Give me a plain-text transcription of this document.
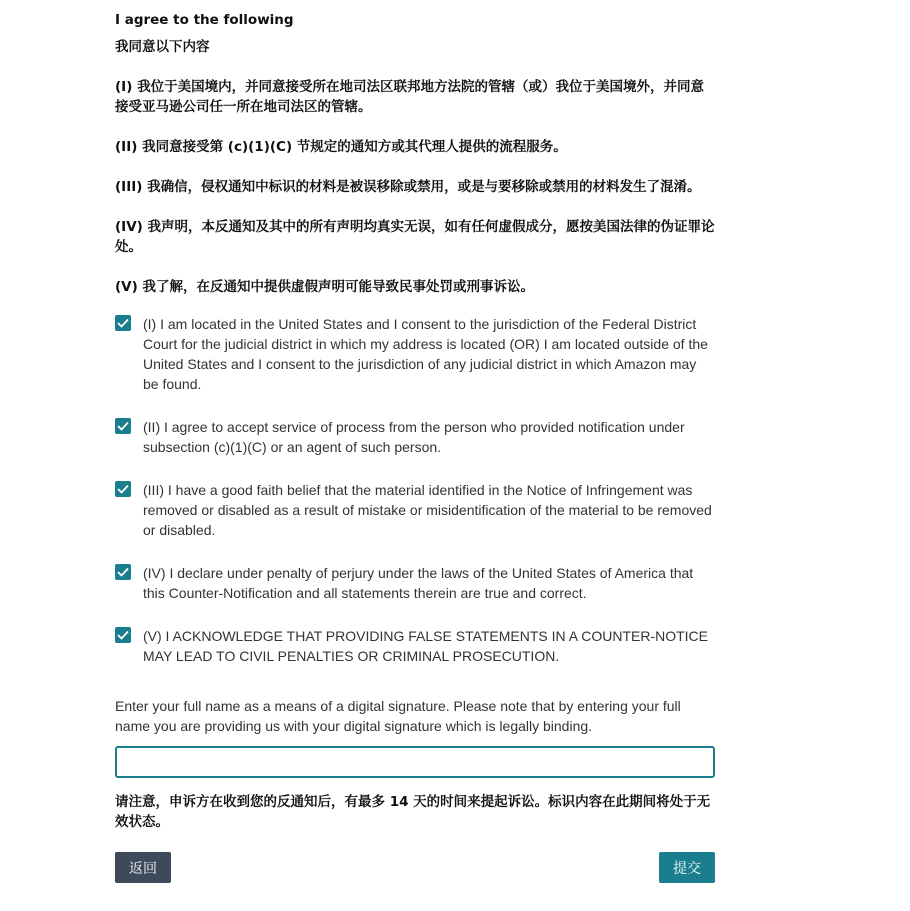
I agree to the following

我同意以下内容

(I) 我位于美国境内，并同意接受所在地司法区联邦地方法院的管辖（或）我位于美国境外，并同意接受亚马逊公司任一所在地司法区的管辖。

(II) 我同意接受第 (c)(1)(C) 节规定的通知方或其代理人提供的流程服务。

(III) 我确信，侵权通知中标识的材料是被误移除或禁用，或是与要移除或禁用的材料发生了混淆。

(IV) 我声明，本反通知及其中的所有声明均真实无误，如有任何虚假成分，愿按美国法律的伪证罪论处。

(V) 我了解，在反通知中提供虚假声明可能导致民事处罚或刑事诉讼。

(I) I am located in the United States and I consent to the jurisdiction of the Federal District Court for the judicial district in which my address is located (OR) I am located outside of the United States and I consent to the jurisdiction of any judicial district in which Amazon may be found.
(II) I agree to accept service of process from the person who provided notification under subsection (c)(1)(C) or an agent of such person.
(III) I have a good faith belief that the material identified in the Notice of Infringement was removed or disabled as a result of mistake or misidentification of the material to be removed or disabled.
(IV) I declare under penalty of perjury under the laws of the United States of America that this Counter-Notification and all statements therein are true and correct.
(V) I ACKNOWLEDGE THAT PROVIDING FALSE STATEMENTS IN A COUNTER-NOTICE MAY LEAD TO CIVIL PENALTIES OR CRIMINAL PROSECUTION.
Enter your full name as a means of a digital signature. Please note that by entering your full name you are providing us with your digital signature which is legally binding.
请注意，申诉方在收到您的反通知后，有最多 14 天的时间来提起诉讼。标识内容在此期间将处于无效状态。
返回	提交
